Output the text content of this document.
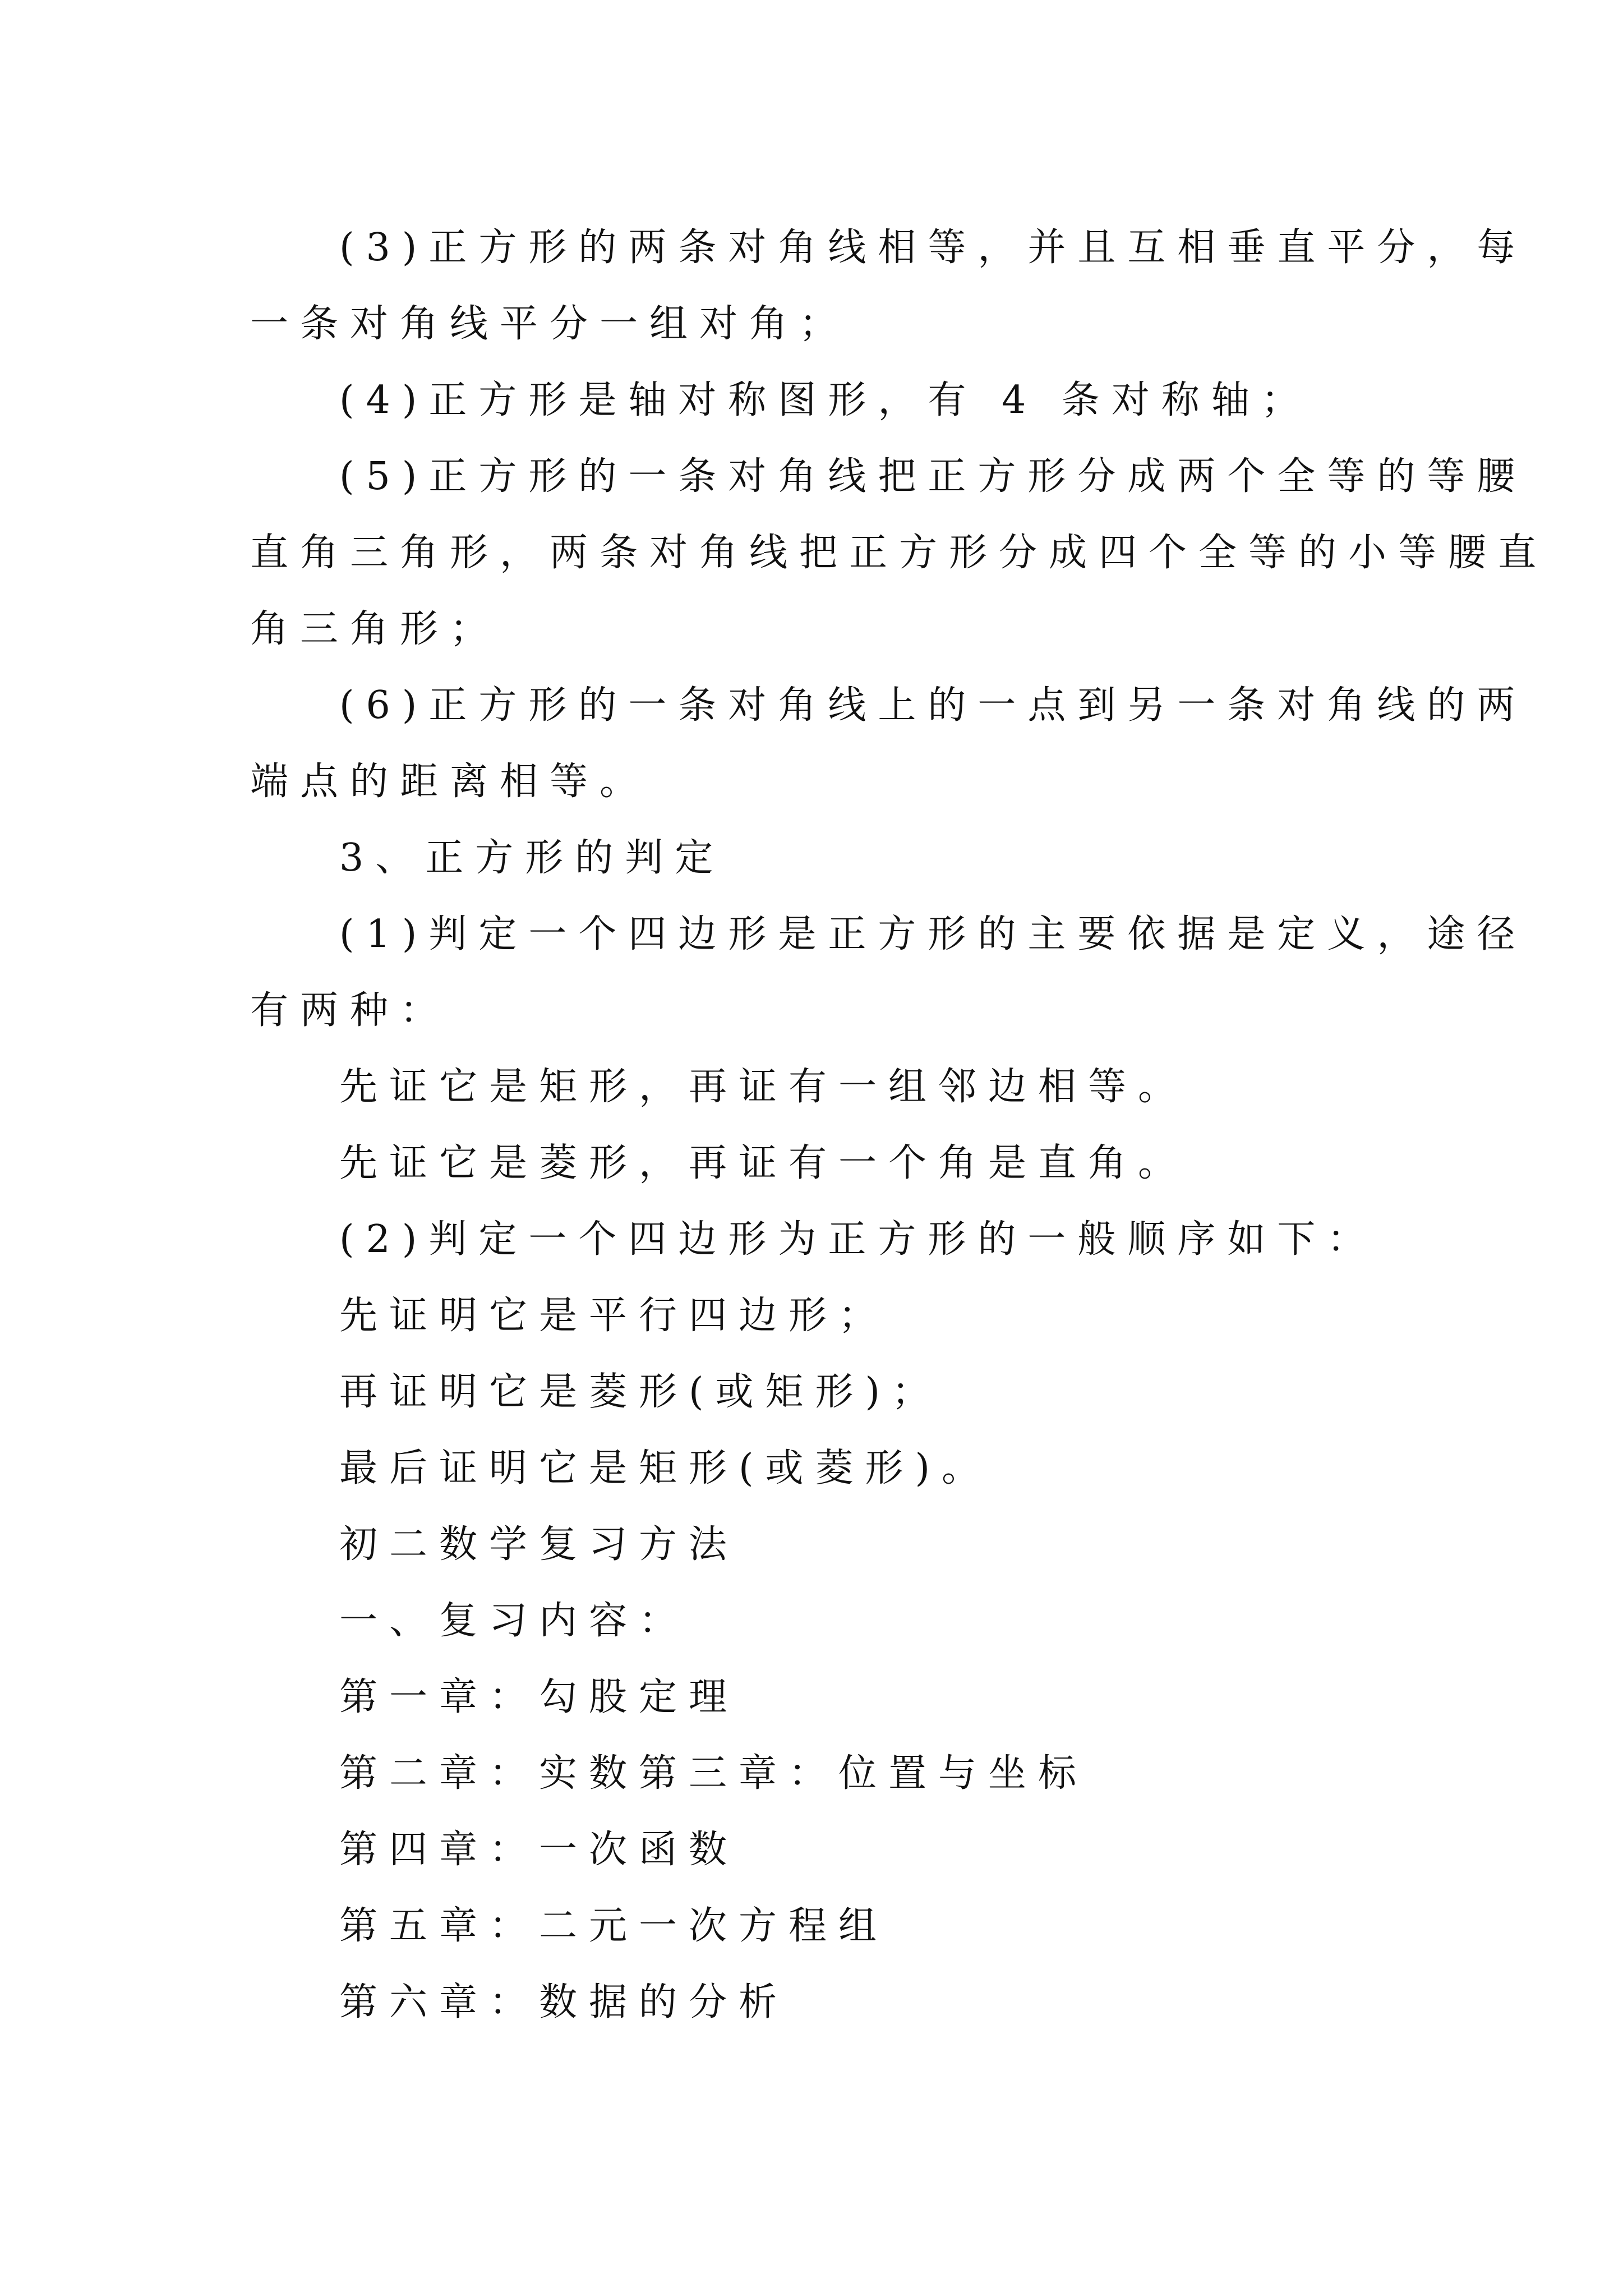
(3)正方形的两条对角线相等，并且互相垂直平分，每
一条对角线平分一组对角；
(4)正方形是轴对称图形，有 4 条对称轴；
(5)正方形的一条对角线把正方形分成两个全等的等腰
直角三角形，两条对角线把正方形分成四个全等的小等腰直
角三角形；
(6)正方形的一条对角线上的一点到另一条对角线的两
端点的距离相等。
3、正方形的判定
(1)判定一个四边形是正方形的主要依据是定义，途径
有两种：
先证它是矩形，再证有一组邻边相等。
先证它是菱形，再证有一个角是直角。
(2)判定一个四边形为正方形的一般顺序如下：
先证明它是平行四边形；
再证明它是菱形(或矩形)；
最后证明它是矩形(或菱形)。
初二数学复习方法
一、复习内容：
第一章：勾股定理
第二章：实数第三章：位置与坐标
第四章：一次函数
第五章：二元一次方程组
第六章：数据的分析
